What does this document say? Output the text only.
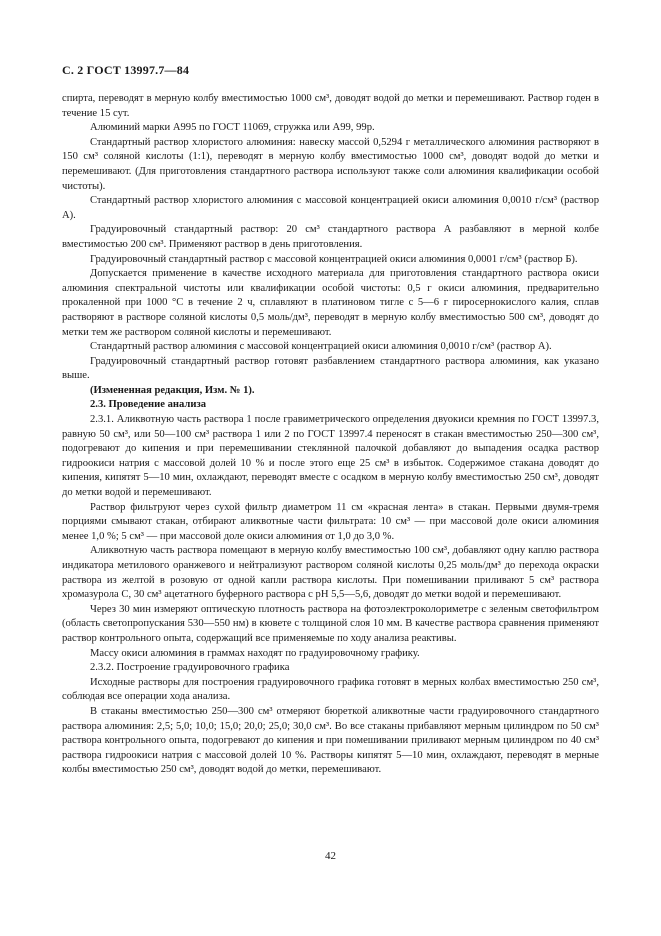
С. 2 ГОСТ 13997.7—84

спирта, переводят в мерную колбу вместимостью 1000 см³, доводят водой до метки и перемешивают. Раствор годен в течение 15 сут.

Алюминий марки А995 по ГОСТ 11069, стружка или А99, 99р.

Стандартный раствор хлористого алюминия: навеску массой 0,5294 г металлического алюминия растворяют в 150 см³ соляной кислоты (1:1), переводят в мерную колбу вместимостью 1000 см³, доводят водой до метки и перемешивают. (Для приготовления стандартного раствора используют также соли алюминия квалификации особой чистоты).

Стандартный раствор хлористого алюминия с массовой концентрацией окиси алюминия 0,0010 г/см³ (раствор А).

Градуировочный стандартный раствор: 20 см³ стандартного раствора А разбавляют в мерной колбе вместимостью 200 см³. Применяют раствор в день приготовления.

Градуировочный стандартный раствор с массовой концентрацией окиси алюминия 0,0001 г/см³ (раствор Б).

Допускается применение в качестве исходного материала для приготовления стандартного раствора окиси алюминия спектральной чистоты или квалификации особой чистоты: 0,5 г окиси алюминия, предварительно прокаленной при 1000 °С в течение 2 ч, сплавляют в платиновом тигле с 5—6 г пиросернокислого калия, сплав растворяют в растворе соляной кислоты 0,5 моль/дм³, переводят в мерную колбу вместимостью 500 см³, доводят до метки тем же раствором соляной кислоты и перемешивают.

Стандартный раствор алюминия с массовой концентрацией окиси алюминия 0,0010 г/см³ (раствор А).

Градуировочный стандартный раствор готовят разбавлением стандартного раствора алюминия, как указано выше.

(Измененная редакция, Изм. № 1).

2.3. Проведение анализа

2.3.1. Аликвотную часть раствора 1 после гравиметрического определения двуокиси кремния по ГОСТ 13997.3, равную 50 см³, или 50—100 см³ раствора 1 или 2 по ГОСТ 13997.4 переносят в стакан вместимостью 250—300 см³, подогревают до кипения и при перемешивании стеклянной палочкой добавляют до выпадения осадка раствор гидроокиси натрия с массовой долей 10 % и после этого еще 25 см³ в избыток. Содержимое стакана доводят до кипения, кипятят 5—10 мин, охлаждают, переводят вместе с осадком в мерную колбу вместимостью 250 см³, доводят до метки водой и перемешивают.

Раствор фильтруют через сухой фильтр диаметром 11 см «красная лента» в стакан. Первыми двумя-тремя порциями смывают стакан, отбирают аликвотные части фильтрата: 10 см³ — при массовой доле окиси алюминия менее 1,0 %; 5 см³ — при массовой доле окиси алюминия от 1,0 до 3,0 %.

Аликвотную часть раствора помещают в мерную колбу вместимостью 100 см³, добавляют одну каплю раствора индикатора метилового оранжевого и нейтрализуют раствором соляной кислоты 0,25 моль/дм³ до перехода окраски раствора из желтой в розовую от одной капли раствора кислоты. При помешивании приливают 5 см³ раствора хромазурола С, 30 см³ ацетатного буферного раствора с рН 5,5—5,6, доводят до метки водой и перемешивают.

Через 30 мин измеряют оптическую плотность раствора на фотоэлектроколориметре с зеленым светофильтром (область светопропускания 530—550 нм) в кювете с толщиной слоя 10 мм. В качестве раствора сравнения применяют раствор контрольного опыта, содержащий все применяемые по ходу анализа реактивы.

Массу окиси алюминия в граммах находят по градуировочному графику.

2.3.2. Построение градуировочного графика

Исходные растворы для построения градуировочного графика готовят в мерных колбах вместимостью 250 см³, соблюдая все операции хода анализа.

В стаканы вместимостью 250—300 см³ отмеряют бюреткой аликвотные части градуировочного стандартного раствора алюминия: 2,5; 5,0; 10,0; 15,0; 20,0; 25,0; 30,0 см³. Во все стаканы прибавляют мерным цилиндром по 50 см³ раствора контрольного опыта, подогревают до кипения и при помешивании приливают мерным цилиндром по 40 см³ раствора гидроокиси натрия с массовой долей 10 %. Растворы кипятят 5—10 мин, охлаждают, переводят в мерные колбы вместимостью 250 см³, доводят водой до метки, перемешивают.

42
